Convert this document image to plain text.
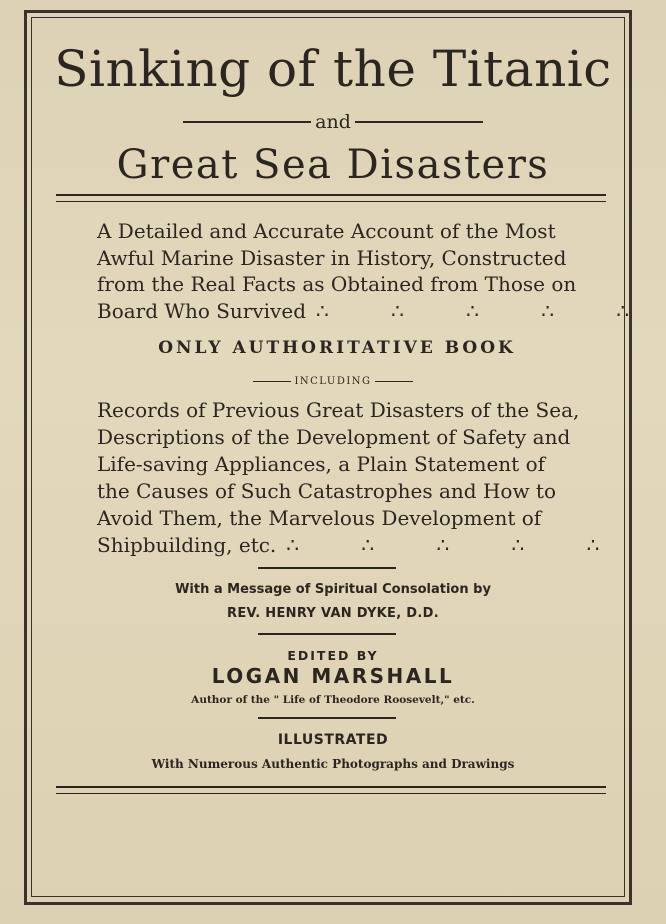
Sinking of the Titanic
and
Great Sea Disasters
A Detailed and Accurate Account of the Most
Awful Marine Disaster in History, Constructed
from the Real Facts as Obtained from Those on
Board Who Survived ∴ ∴ ∴ ∴ ∴
ONLY AUTHORITATIVE BOOK
INCLUDING
Records of Previous Great Disasters of the Sea,
Descriptions of the Development of Safety and
Life-saving Appliances, a Plain Statement of
the Causes of Such Catastrophes and How to
Avoid Them, the Marvelous Development of
Shipbuilding, etc. ∴ ∴ ∴ ∴ ∴
With a Message of Spiritual Consolation by
REV. HENRY VAN DYKE, D.D.
EDITED BY
LOGAN MARSHALL
Author of the " Life of Theodore Roosevelt," etc.
ILLUSTRATED
With Numerous Authentic Photographs and Drawings
